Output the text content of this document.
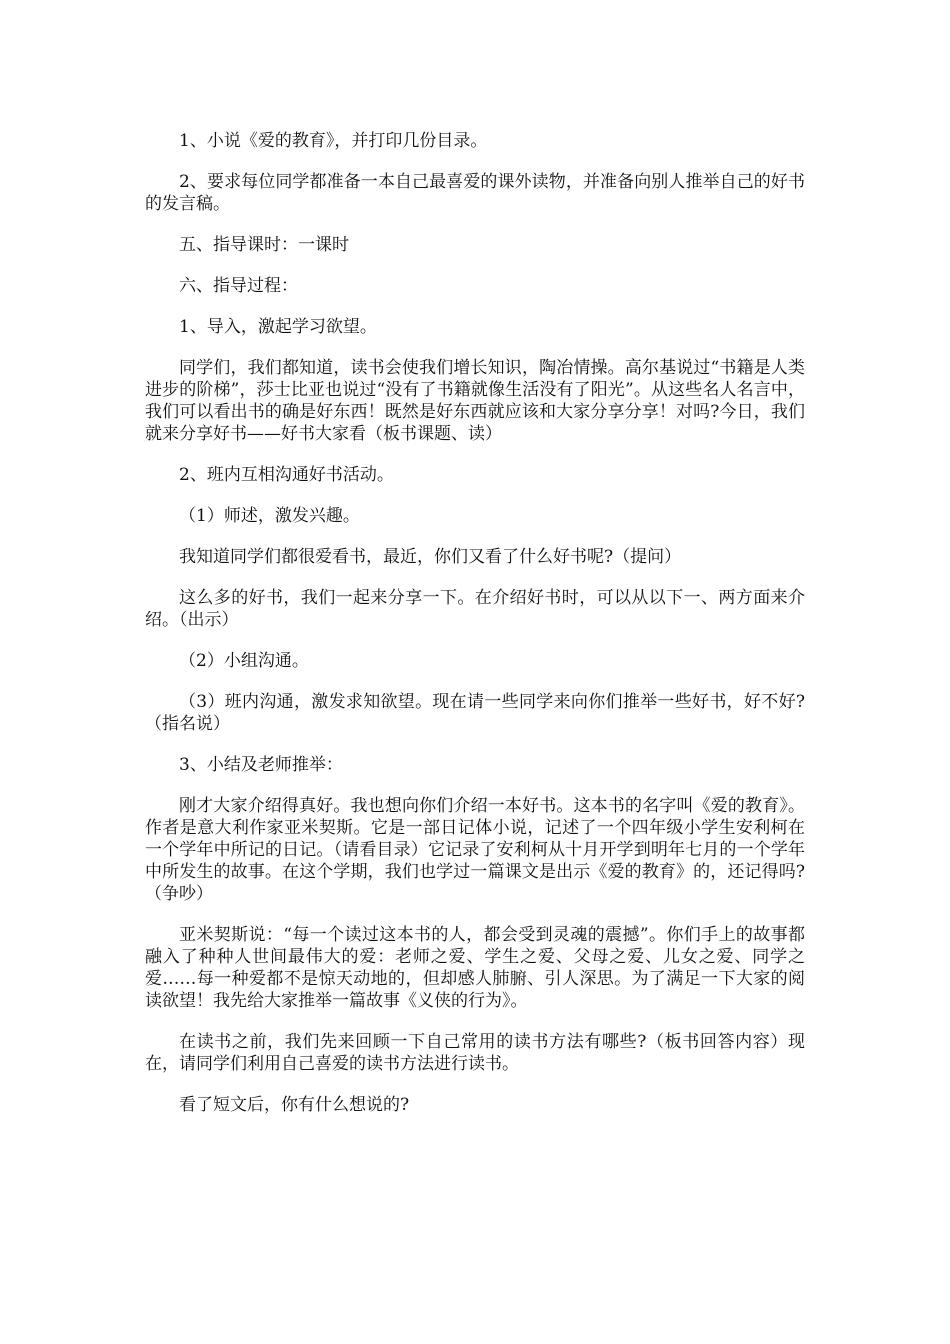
1、小说《爱的教育》，并打印几份目录。

2、要求每位同学都准备一本自己最喜爱的课外读物，并准备向别人推举自己的好书的发言稿。

五、指导课时：一课时

六、指导过程：

1、导入，激起学习欲望。

同学们，我们都知道，读书会使我们增长知识，陶冶情操。高尔基说过“书籍是人类进步的阶梯”，莎士比亚也说过“没有了书籍就像生活没有了阳光”。从这些名人名言中，我们可以看出书的确是好东西！既然是好东西就应该和大家分享分享！对吗?今日，我们就来分享好书——好书大家看（板书课题、读）

2、班内互相沟通好书活动。

（1）师述，激发兴趣。

我知道同学们都很爱看书，最近，你们又看了什么好书呢?（提问）

这么多的好书，我们一起来分享一下。在介绍好书时，可以从以下一、两方面来介绍。（出示）

（2）小组沟通。

（3）班内沟通，激发求知欲望。现在请一些同学来向你们推举一些好书，好不好?（指名说）

3、小结及老师推举：

刚才大家介绍得真好。我也想向你们介绍一本好书。这本书的名字叫《爱的教育》。作者是意大利作家亚米契斯。它是一部日记体小说，记述了一个四年级小学生安利柯在一个学年中所记的日记。（请看目录）它记录了安利柯从十月开学到明年七月的一个学年中所发生的故事。在这个学期，我们也学过一篇课文是出示《爱的教育》的，还记得吗?（争吵）

亚米契斯说：“每一个读过这本书的人，都会受到灵魂的震撼”。你们手上的故事都融入了种种人世间最伟大的爱：老师之爱、学生之爱、父母之爱、儿女之爱、同学之爱……每一种爱都不是惊天动地的，但却感人肺腑、引人深思。为了满足一下大家的阅读欲望！我先给大家推举一篇故事《义侠的行为》。

在读书之前，我们先来回顾一下自己常用的读书方法有哪些?（板书回答内容）现在，请同学们利用自己喜爱的读书方法进行读书。

看了短文后，你有什么想说的?
